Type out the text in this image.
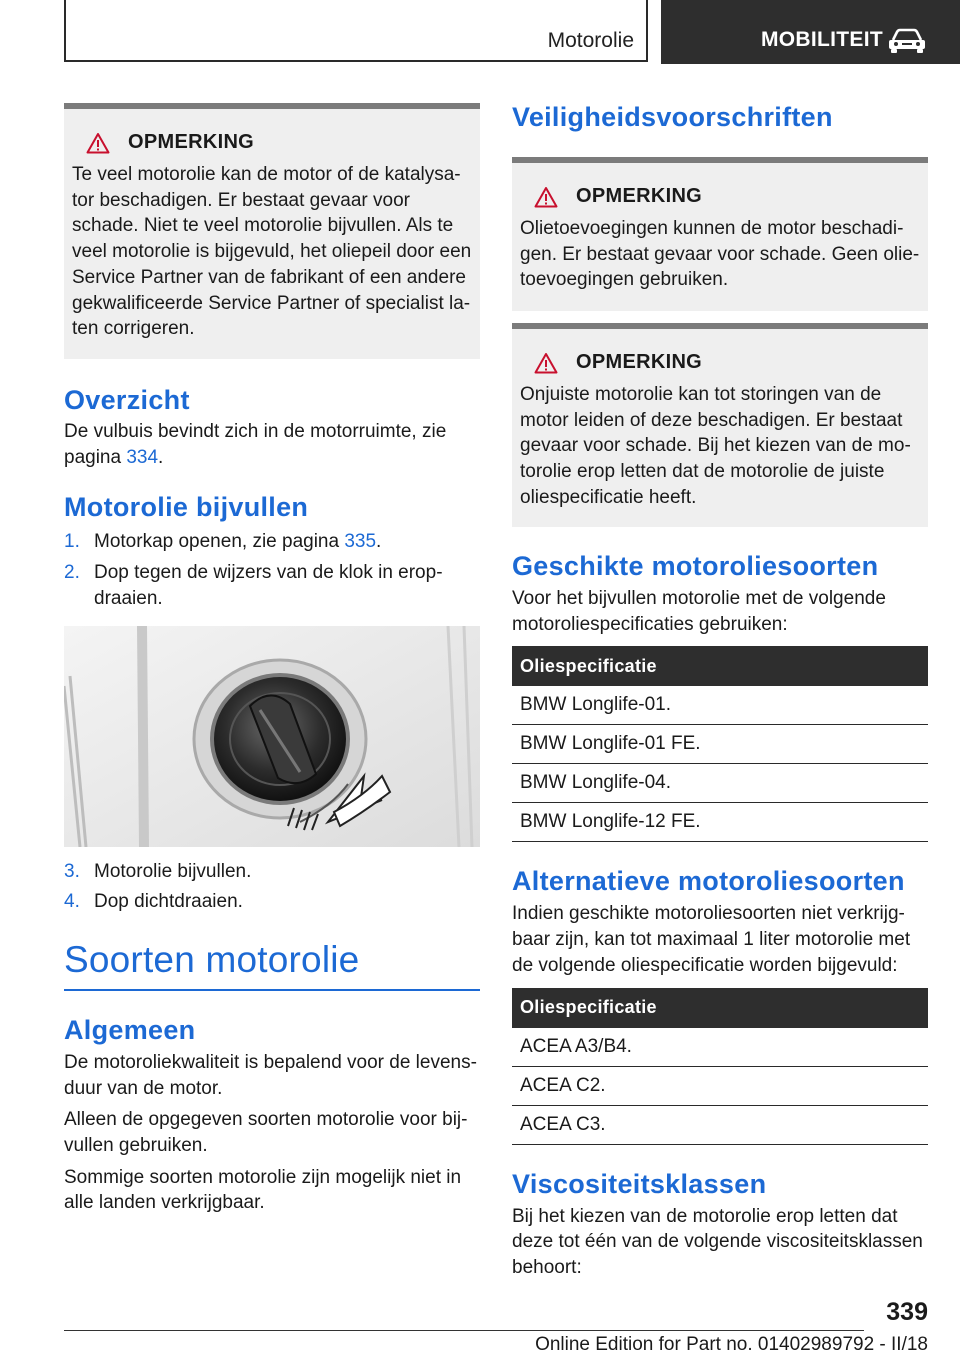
Motorolie	MOBILITEIT
OPMERKING
Te veel motorolie kan de motor of de katalysa-
tor beschadigen. Er bestaat gevaar voor
schade. Niet te veel motorolie bijvullen. Als te
veel motorolie is bijgevuld, het oliepeil door een
Service Partner van de fabrikant of een andere
gekwalificeerde Service Partner of specialist la-
ten corrigeren.
Overzicht

De vulbuis bevindt zich in de motorruimte, zie
pagina 334.

Motorolie bijvullen
1. Motorkap openen, zie pagina 335.
2. Dop tegen de wijzers van de klok in erop-
draaien.
3. Motorolie bijvullen.
4. Dop dichtdraaien.
Soorten motorolie
Algemeen

De motoroliekwaliteit is bepalend voor de levens-
duur van de motor.

Alleen de opgegeven soorten motorolie voor bij-
vullen gebruiken.

Sommige soorten motorolie zijn mogelijk niet in
alle landen verkrijgbaar.

Veiligheidsvoorschriften
OPMERKING
Olietoevoegingen kunnen de motor beschadi-
gen. Er bestaat gevaar voor schade. Geen olie-
toevoegingen gebruiken.
OPMERKING
Onjuiste motorolie kan tot storingen van de
motor leiden of deze beschadigen. Er bestaat
gevaar voor schade. Bij het kiezen van de mo-
torolie erop letten dat de motorolie de juiste
oliespecificatie heeft.
Geschikte motoroliesoorten

Voor het bijvullen motorolie met de volgende
motoroliespecificaties gebruiken:

Oliespecificatie
BMW Longlife-01.
BMW Longlife-01 FE.
BMW Longlife-04.
BMW Longlife-12 FE.
Alternatieve motoroliesoorten

Indien geschikte motoroliesoorten niet verkrijg-
baar zijn, kan tot maximaal 1 liter motorolie met
de volgende oliespecificatie worden bijgevuld:

Oliespecificatie
ACEA A3/B4.
ACEA C2.
ACEA C3.
Viscositeitsklassen

Bij het kiezen van de motorolie erop letten dat
deze tot één van de volgende viscositeitsklassen
behoort:

339
Online Edition for Part no. 01402989792 - II/18
